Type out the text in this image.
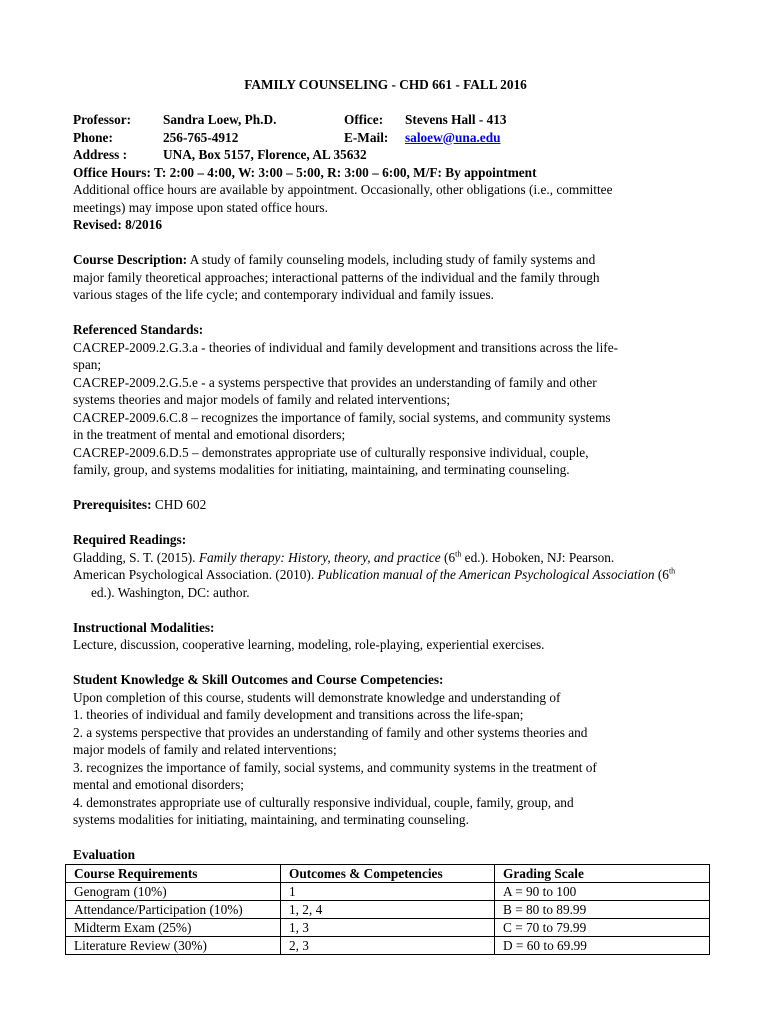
FAMILY COUNSELING - CHD 661 - FALL 2016
Professor: Sandra Loew, Ph.D.	Office: Stevens Hall - 413
Phone:	256-765-4912	E-Mail: saloew@una.edu
Address :	UNA, Box 5157, Florence, AL 35632
Office Hours: T: 2:00 – 4:00, W: 3:00 – 5:00, R: 3:00 – 6:00, M/F: By appointment
Additional office hours are available by appointment. Occasionally, other obligations (i.e., committee
meetings) may impose upon stated office hours.
Revised: 8/2016
Course Description: A study of family counseling models, including study of family systems and
major family theoretical approaches; interactional patterns of the individual and the family through
various stages of the life cycle; and contemporary individual and family issues.
Referenced Standards:
CACREP-2009.2.G.3.a - theories of individual and family development and transitions across the life-
span;
CACREP-2009.2.G.5.e - a systems perspective that provides an understanding of family and other
systems theories and major models of family and related interventions;
CACREP-2009.6.C.8 – recognizes the importance of family, social systems, and community systems
in the treatment of mental and emotional disorders;
CACREP-2009.6.D.5 – demonstrates appropriate use of culturally responsive individual, couple,
family, group, and systems modalities for initiating, maintaining, and terminating counseling.
Prerequisites: CHD 602
Required Readings:
Gladding, S. T. (2015). Family therapy: History, theory, and practice (6th ed.). Hoboken, NJ: Pearson.
American Psychological Association. (2010). Publication manual of the American Psychological Association (6th ed.). Washington, DC: author.
Instructional Modalities:
Lecture, discussion, cooperative learning, modeling, role-playing, experiential exercises.
Student Knowledge & Skill Outcomes and Course Competencies:
Upon completion of this course, students will demonstrate knowledge and understanding of
1. theories of individual and family development and transitions across the life-span;
2. a systems perspective that provides an understanding of family and other systems theories and
major models of family and related interventions;
3. recognizes the importance of family, social systems, and community systems in the treatment of
mental and emotional disorders;
4. demonstrates appropriate use of culturally responsive individual, couple, family, group, and
systems modalities for initiating, maintaining, and terminating counseling.
Evaluation
Course Requirements	Outcomes & Competencies	Grading Scale
Genogram (10%)	1	A = 90 to 100
Attendance/Participation (10%)	1, 2, 4	B = 80 to 89.99
Midterm Exam (25%)	1, 3	C = 70 to 79.99
Literature Review (30%)	2, 3	D = 60 to 69.99
